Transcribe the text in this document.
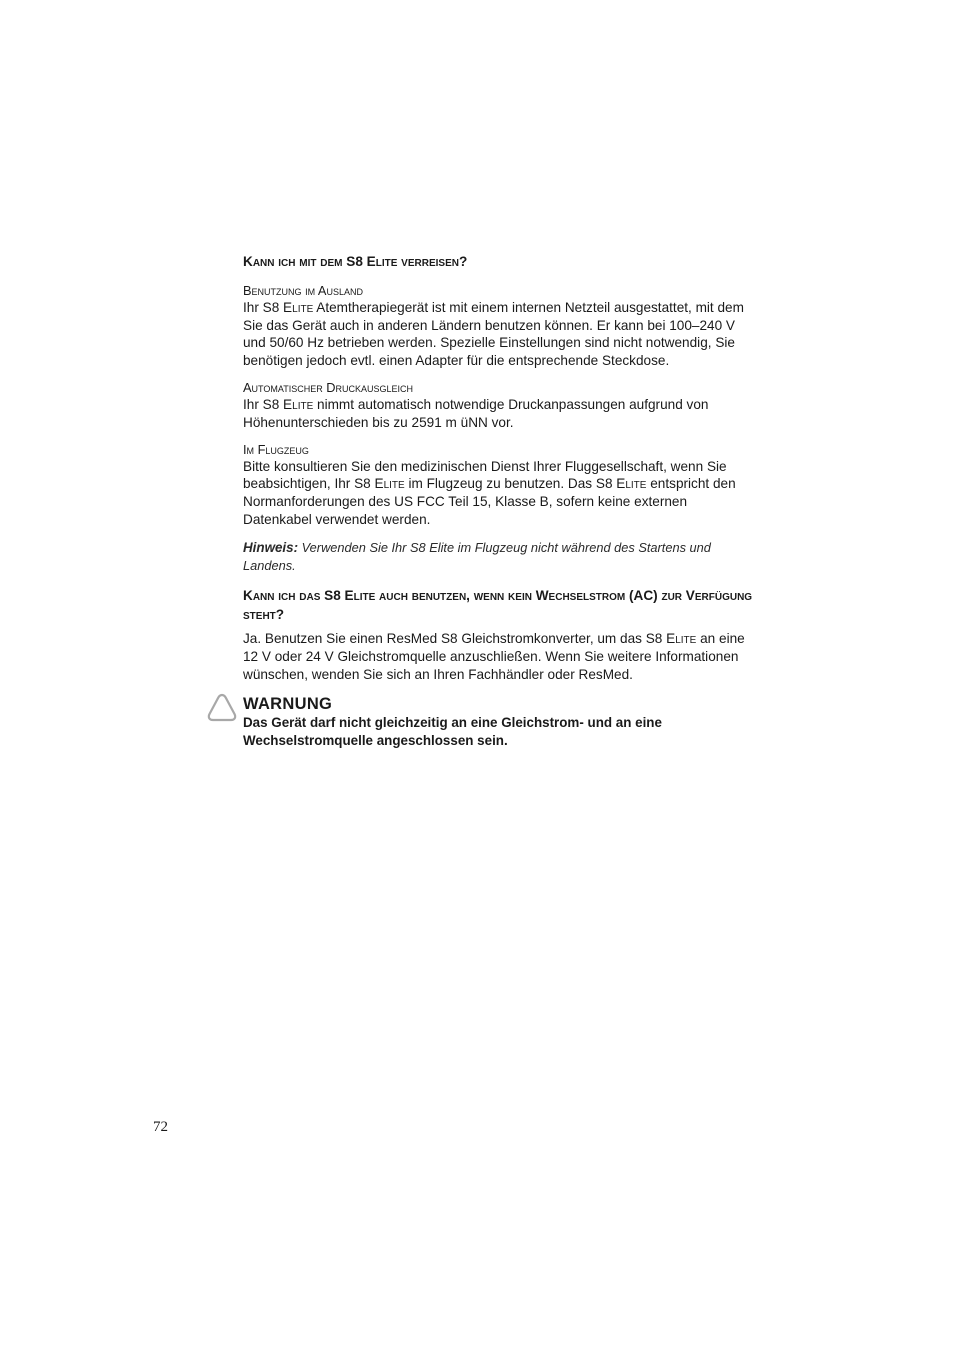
Kann ich mit dem S8 Elite verreisen?
Benutzung im Ausland

Ihr S8 Elite Atemtherapiegerät ist mit einem internen Netzteil ausgestattet, mit dem Sie das Gerät auch in anderen Ländern benutzen können. Er kann bei 100–240 V und 50/60 Hz betrieben werden. Spezielle Einstellungen sind nicht notwendig, Sie benötigen jedoch evtl. einen Adapter für die entsprechende Steckdose.

Automatischer Druckausgleich

Ihr S8 Elite nimmt automatisch notwendige Druckanpassungen aufgrund von Höhenunterschieden bis zu 2591 m üNN vor.

Im Flugzeug

Bitte konsultieren Sie den medizinischen Dienst Ihrer Fluggesellschaft, wenn Sie beabsichtigen, Ihr S8 Elite im Flugzeug zu benutzen. Das S8 Elite entspricht den Normanforderungen des US FCC Teil 15, Klasse B, sofern keine externen Datenkabel verwendet werden.

Hinweis: Verwenden Sie Ihr S8 Elite im Flugzeug nicht während des Startens und Landens.

Kann ich das S8 Elite auch benutzen, wenn kein Wechselstrom (AC) zur Verfügung steht?

Ja. Benutzen Sie einen ResMed S8 Gleichstromkonverter, um das S8 Elite an eine 12 V oder 24 V Gleichstromquelle anzuschließen. Wenn Sie weitere Informationen wünschen, wenden Sie sich an Ihren Fachhändler oder ResMed.

WARNUNG
Das Gerät darf nicht gleichzeitig an eine Gleichstrom- und an eine Wechselstromquelle angeschlossen sein.
72
